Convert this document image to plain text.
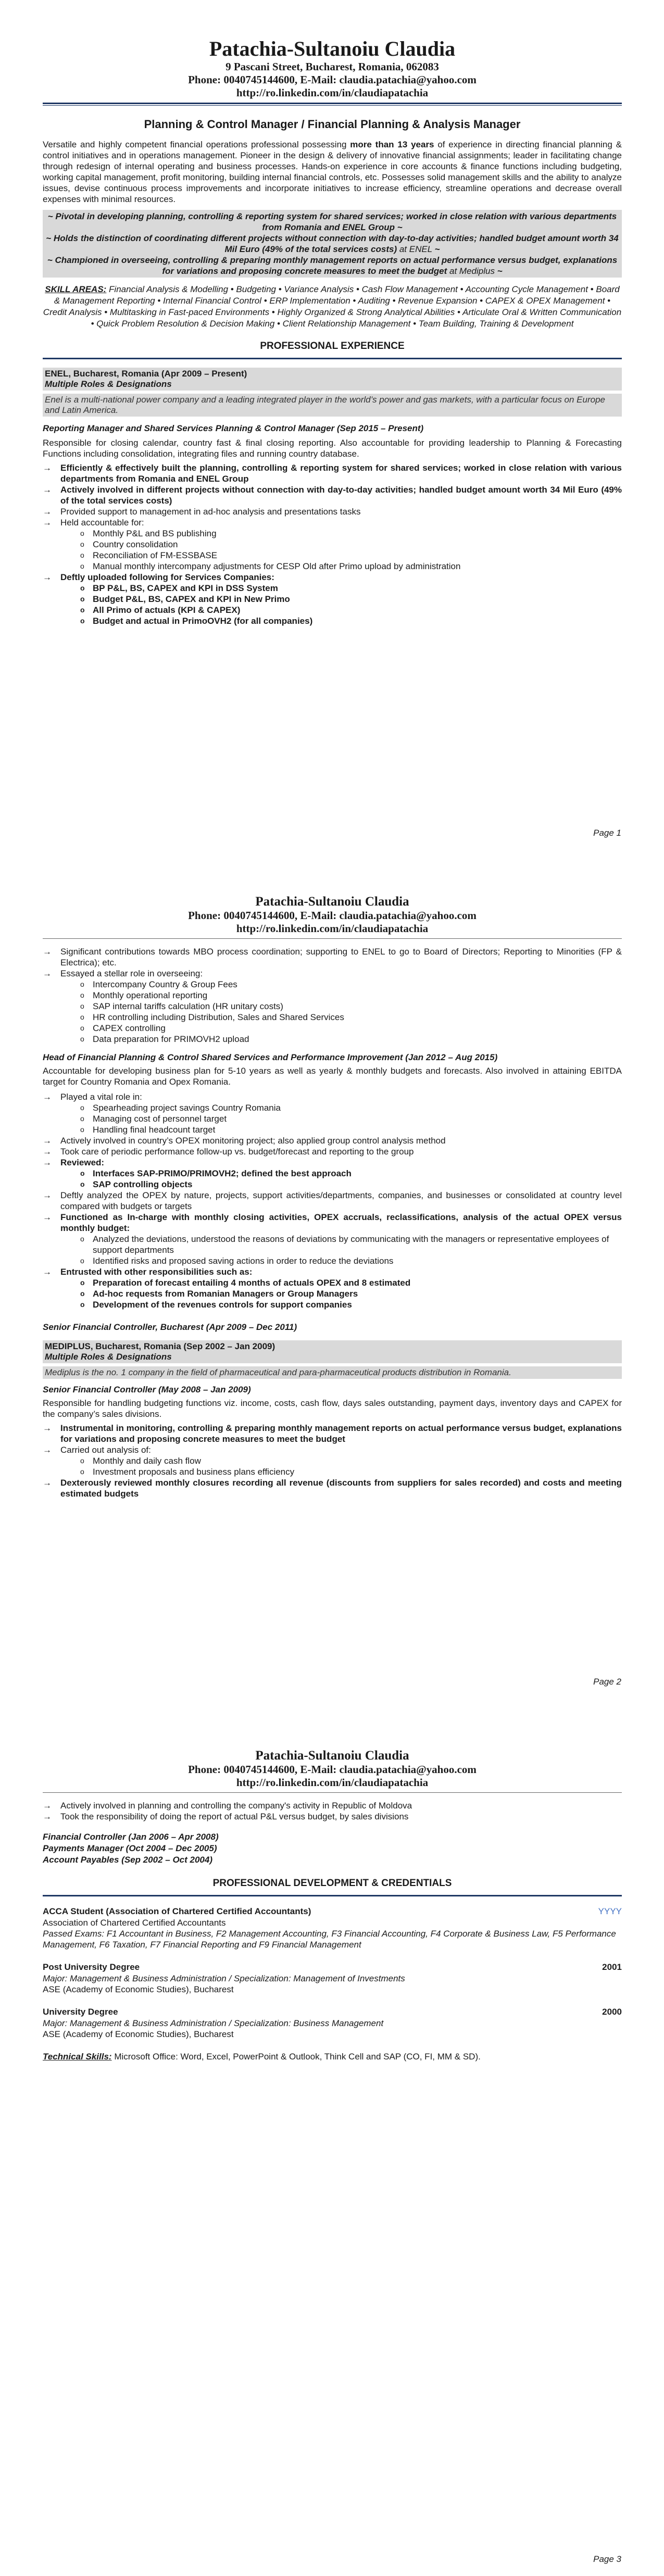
Patachia-Sultanoiu Claudia
9 Pascani Street, Bucharest, Romania, 062083
Phone: 0040745144600, E-Mail: claudia.patachia@yahoo.com
http://ro.linkedin.com/in/claudiapatachia
Planning & Control Manager / Financial Planning & Analysis Manager

Versatile and highly competent financial operations professional possessing more than 13 years of experience in directing financial planning & control initiatives and in operations management. Pioneer in the design & delivery of innovative financial assignments; leader in facilitating change through redesign of internal operating and business processes. Hands-on experience in core accounts & finance functions including budgeting, working capital management, profit monitoring, building internal financial controls, etc. Possesses solid management skills and the ability to analyze issues, devise continuous process improvements and incorporate initiatives to increase efficiency, streamline operations and decrease overall expenses with minimal resources.

~ Pivotal in developing planning, controlling & reporting system for shared services; worked in close relation with various departments from Romania and ENEL Group ~
~ Holds the distinction of coordinating different projects without connection with day-to-day activities; handled budget amount worth 34 Mil Euro (49% of the total services costs) at ENEL ~
~ Championed in overseeing, controlling & preparing monthly management reports on actual performance versus budget, explanations for variations and proposing concrete measures to meet the budget at Mediplus ~

SKILL AREAS: Financial Analysis & Modelling • Budgeting • Variance Analysis • Cash Flow Management • Accounting Cycle Management • Board & Management Reporting • Internal Financial Control • ERP Implementation • Auditing • Revenue Expansion • CAPEX & OPEX Management • Credit Analysis • Multitasking in Fast-paced Environments • Highly Organized & Strong Analytical Abilities • Articulate Oral & Written Communication • Quick Problem Resolution & Decision Making • Client Relationship Management • Team Building, Training & Development

PROFESSIONAL EXPERIENCE
ENEL, Bucharest, Romania (Apr 2009 – Present)
Multiple Roles & Designations
Enel is a multi-national power company and a leading integrated player in the world’s power and gas markets, with a particular focus on Europe and Latin America.
Reporting Manager and Shared Services Planning & Control Manager (Sep 2015 – Present)

Responsible for closing calendar, country fast & final closing reporting. Also accountable for providing leadership to Planning & Forecasting Functions including consolidation, integrating files and running country database.

→ Efficiently & effectively built the planning, controlling & reporting system for shared services; worked in close relation with various departments from Romania and ENEL Group
→ Actively involved in different projects without connection with day-to-day activities; handled budget amount worth 34 Mil Euro (49% of the total services costs)
→ Provided support to management in ad-hoc analysis and presentations tasks
→ Held accountable for:
o Monthly P&L and BS publishing
o Country consolidation
o Reconciliation of FM-ESSBASE
o Manual monthly intercompany adjustments for CESP Old after Primo upload by administration
→ Deftly uploaded following for Services Companies:
o BP P&L, BS, CAPEX and KPI in DSS System
o Budget P&L, BS, CAPEX and KPI in New Primo
o All Primo of actuals (KPI & CAPEX)
o Budget and actual in PrimoOVH2 (for all companies)
Page 1
Patachia-Sultanoiu Claudia
Phone: 0040745144600, E-Mail: claudia.patachia@yahoo.com
http://ro.linkedin.com/in/claudiapatachia
→ Significant contributions towards MBO process coordination; supporting to ENEL to go to Board of Directors; Reporting to Minorities (FP & Electrica); etc.
→ Essayed a stellar role in overseeing:
o Intercompany Country & Group Fees
o Monthly operational reporting
o SAP internal tariffs calculation (HR unitary costs)
o HR controlling including Distribution, Sales and Shared Services
o CAPEX controlling
o Data preparation for PRIMOVH2 upload
Head of Financial Planning & Control Shared Services and Performance Improvement (Jan 2012 – Aug 2015)

Accountable for developing business plan for 5-10 years as well as yearly & monthly budgets and forecasts. Also involved in attaining EBITDA target for Country Romania and Opex Romania.

→ Played a vital role in:
o Spearheading project savings Country Romania
o Managing cost of personnel target
o Handling final headcount target
→ Actively involved in country’s OPEX monitoring project; also applied group control analysis method
→ Took care of periodic performance follow-up vs. budget/forecast and reporting to the group
→ Reviewed:
o Interfaces SAP-PRIMO/PRIMOVH2; defined the best approach
o SAP controlling objects
→ Deftly analyzed the OPEX by nature, projects, support activities/departments, companies, and businesses or consolidated at country level compared with budgets or targets
→ Functioned as In-charge with monthly closing activities, OPEX accruals, reclassifications, analysis of the actual OPEX versus monthly budget:
o Analyzed the deviations, understood the reasons of deviations by communicating with the managers or representative employees of support departments
o Identified risks and proposed saving actions in order to reduce the deviations
→ Entrusted with other responsibilities such as:
o Preparation of forecast entailing 4 months of actuals OPEX and 8 estimated
o Ad-hoc requests from Romanian Managers or Group Managers
o Development of the revenues controls for support companies
Senior Financial Controller, Bucharest (Apr 2009 – Dec 2011)
MEDIPLUS, Bucharest, Romania (Sep 2002 – Jan 2009)
Multiple Roles & Designations
Mediplus is the no. 1 company in the field of pharmaceutical and para-pharmaceutical products distribution in Romania.
Senior Financial Controller (May 2008 – Jan 2009)

Responsible for handling budgeting functions viz. income, costs, cash flow, days sales outstanding, payment days, inventory days and CAPEX for the company’s sales divisions.

→ Instrumental in monitoring, controlling & preparing monthly management reports on actual performance versus budget, explanations for variations and proposing concrete measures to meet the budget
→ Carried out analysis of:
o Monthly and daily cash flow
o Investment proposals and business plans efficiency
→ Dexterously reviewed monthly closures recording all revenue (discounts from suppliers for sales recorded) and costs and meeting estimated budgets
Page 2
Patachia-Sultanoiu Claudia
Phone: 0040745144600, E-Mail: claudia.patachia@yahoo.com
http://ro.linkedin.com/in/claudiapatachia
→ Actively involved in planning and controlling the company's activity in Republic of Moldova
→ Took the responsibility of doing the report of actual P&L versus budget, by sales divisions
Financial Controller (Jan 2006 – Apr 2008)
Payments Manager (Oct 2004 – Dec 2005)
Account Payables (Sep 2002 – Oct 2004)
PROFESSIONAL DEVELOPMENT & CREDENTIALS
ACCA Student (Association of Chartered Certified Accountants)	YYYY
Association of Chartered Certified Accountants
Passed Exams: F1 Accountant in Business, F2 Management Accounting, F3 Financial Accounting, F4 Corporate & Business Law, F5 Performance Management, F6 Taxation, F7 Financial Reporting and F9 Financial Management
Post University Degree	2001
Major: Management & Business Administration / Specialization: Management of Investments
ASE (Academy of Economic Studies), Bucharest
University Degree	2000
Major: Management & Business Administration / Specialization: Business Management
ASE (Academy of Economic Studies), Bucharest

Technical Skills: Microsoft Office: Word, Excel, PowerPoint & Outlook, Think Cell and SAP (CO, FI, MM & SD).

Page 3
